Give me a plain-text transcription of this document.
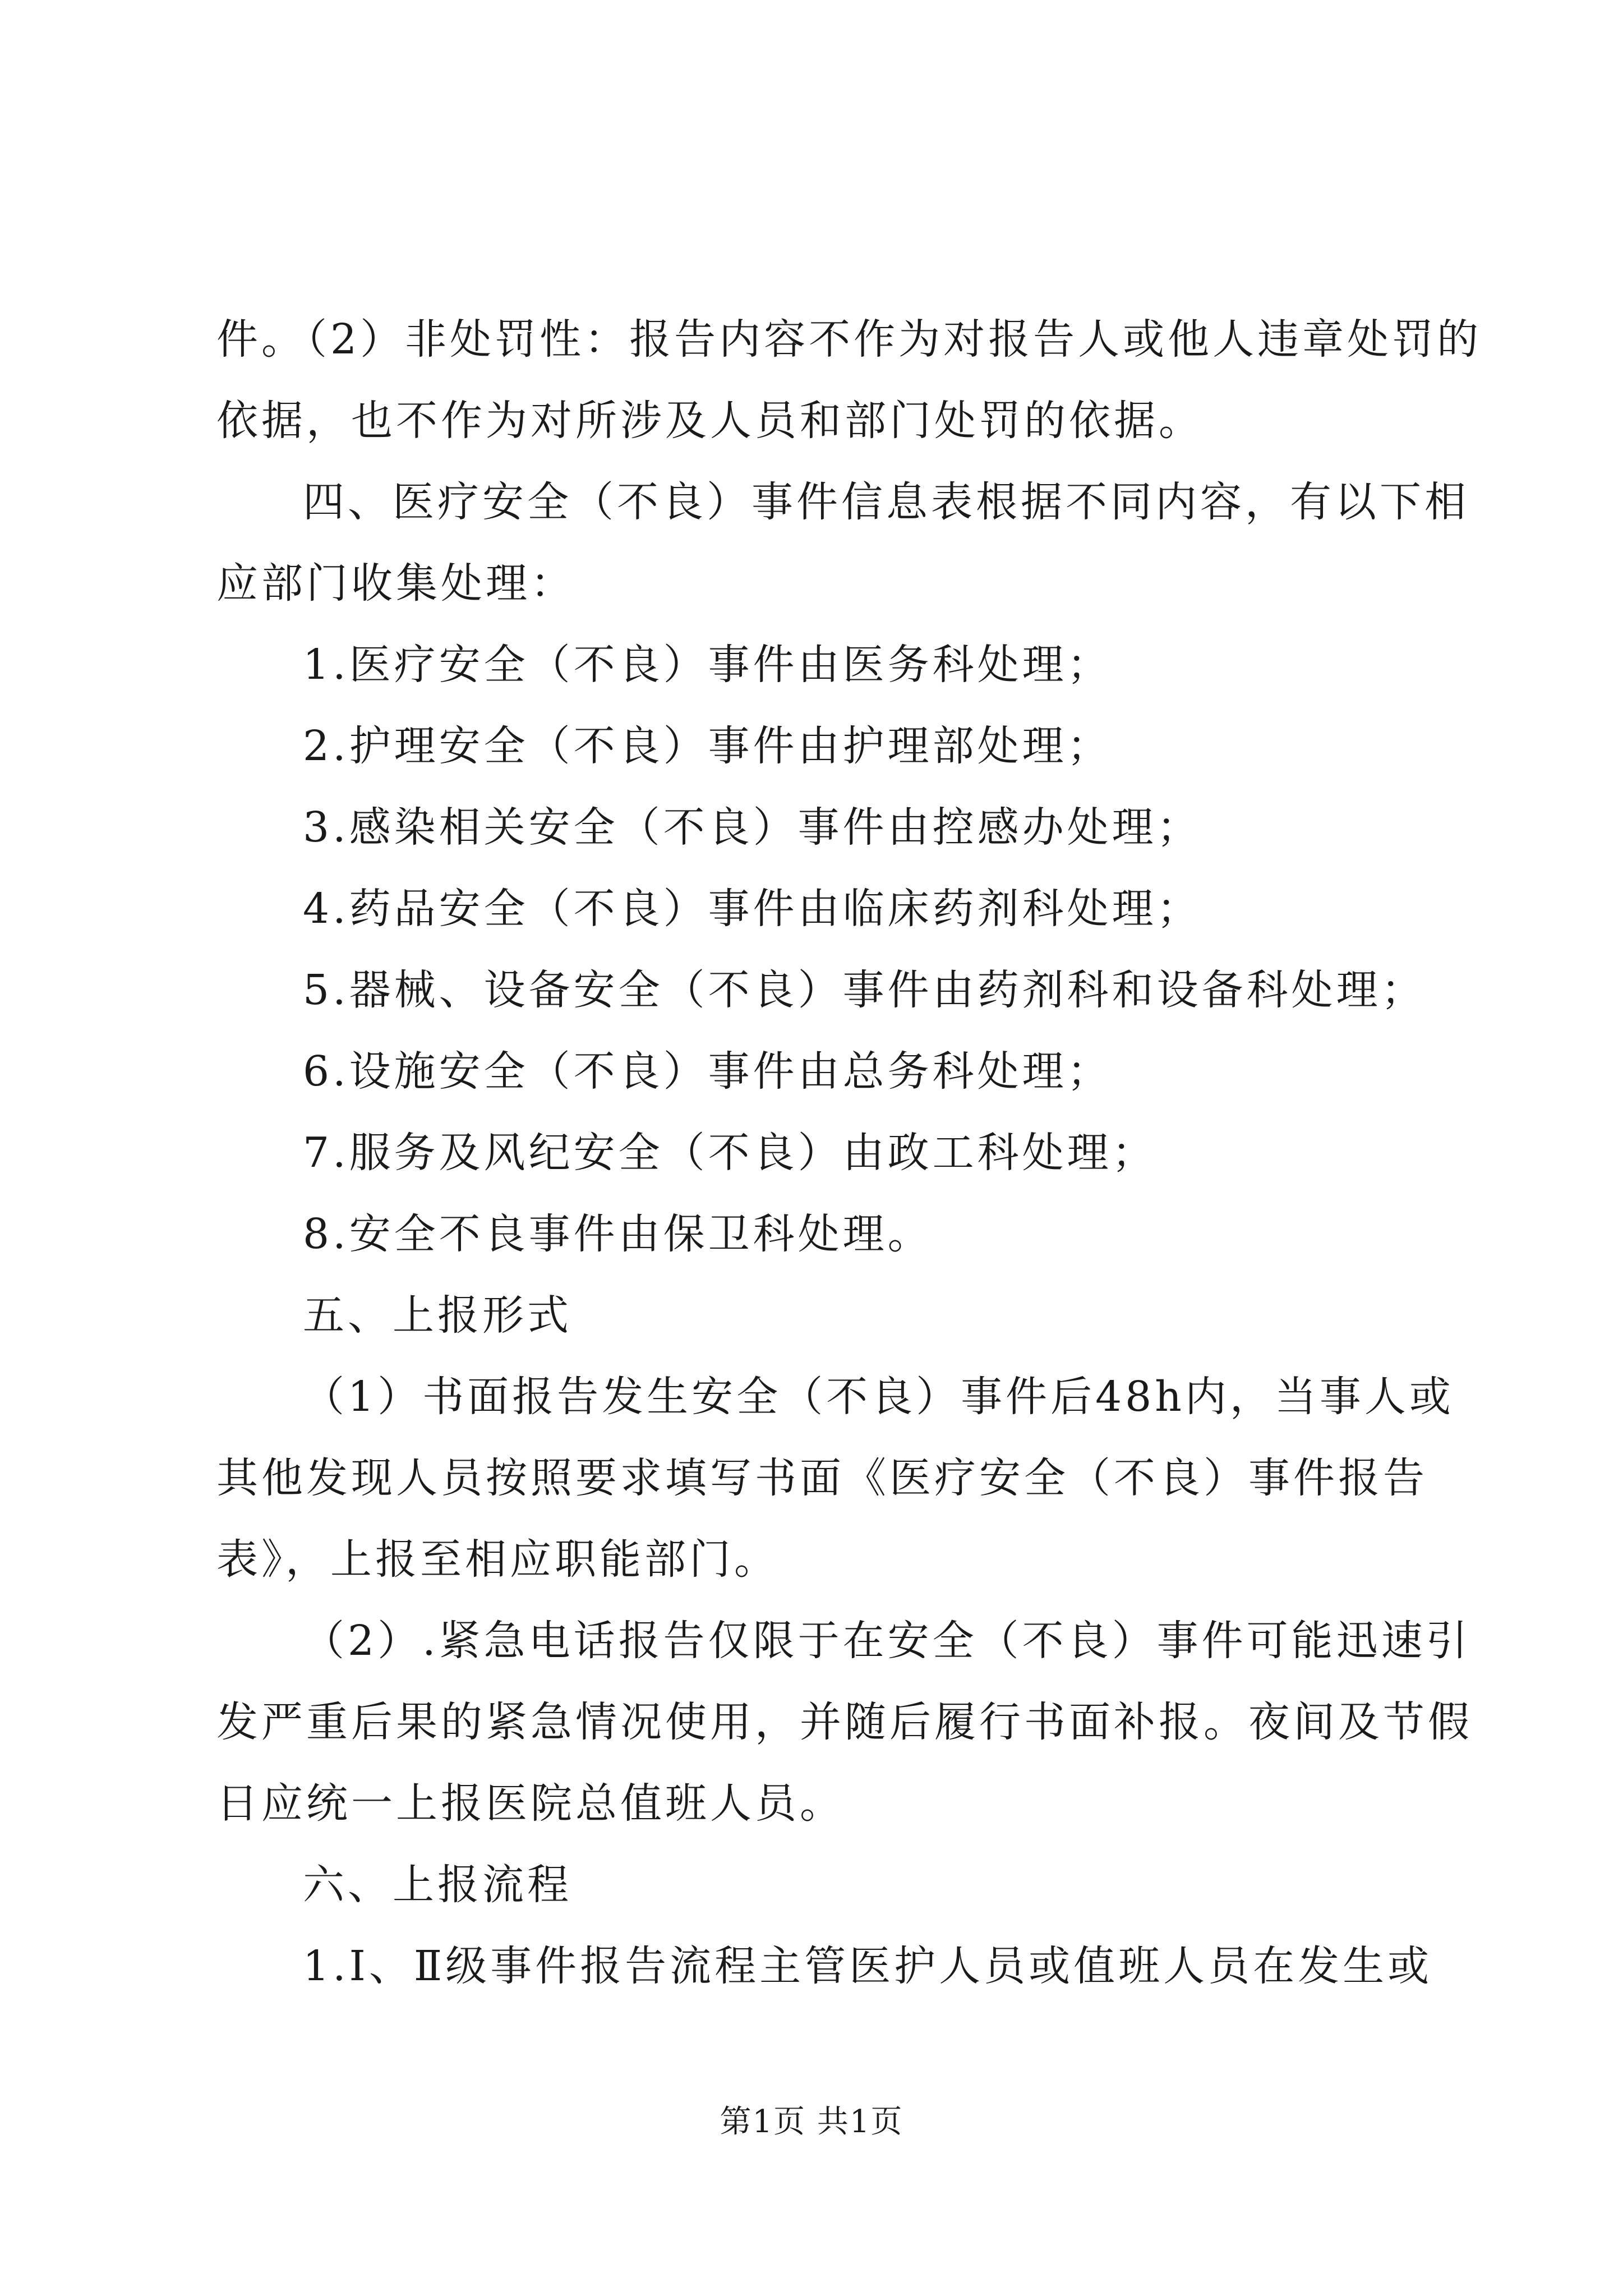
件。（2）非处罚性：报告内容不作为对报告人或他人违章处罚的
依据，也不作为对所涉及人员和部门处罚的依据。
四、医疗安全（不良）事件信息表根据不同内容，有以下相
应部门收集处理：
1.医疗安全（不良）事件由医务科处理；
2.护理安全（不良）事件由护理部处理；
3.感染相关安全（不良）事件由控感办处理；
4.药品安全（不良）事件由临床药剂科处理；
5.器械、设备安全（不良）事件由药剂科和设备科处理；
6.设施安全（不良）事件由总务科处理；
7.服务及风纪安全（不良）由政工科处理；
8.安全不良事件由保卫科处理。
五、上报形式
（1）书面报告发生安全（不良）事件后48h内，当事人或
其他发现人员按照要求填写书面《医疗安全（不良）事件报告
表》，上报至相应职能部门。
（2）.紧急电话报告仅限于在安全（不良）事件可能迅速引
发严重后果的紧急情况使用，并随后履行书面补报。夜间及节假
日应统一上报医院总值班人员。
六、上报流程
1.Ⅰ、Ⅱ级事件报告流程主管医护人员或值班人员在发生或
第1页 共1页
